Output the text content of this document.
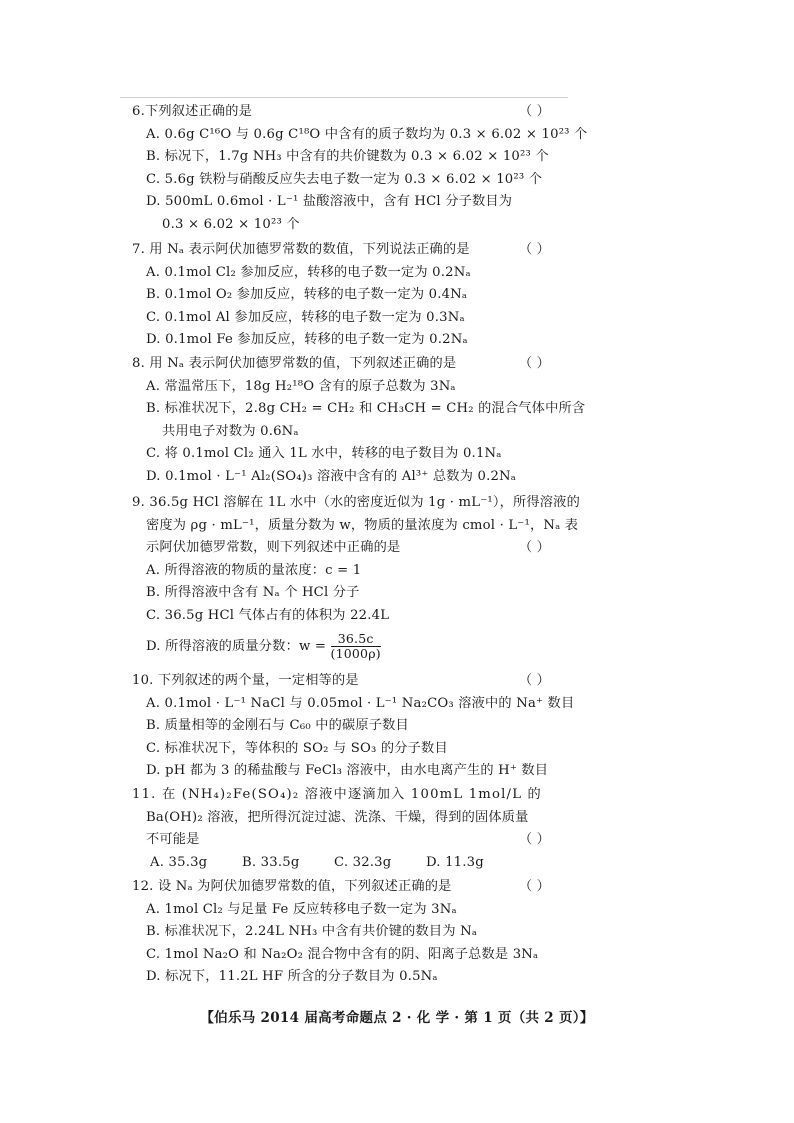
6.下列叙述正确的是	（ ）
A. 0.6g C¹⁶O 与 0.6g C¹⁸O 中含有的质子数均为 0.3 × 6.02 × 10²³ 个
B. 标况下，1.7g NH₃ 中含有的共价键数为 0.3 × 6.02 × 10²³ 个
C. 5.6g 铁粉与硝酸反应失去电子数一定为 0.3 × 6.02 × 10²³ 个
D. 500mL 0.6mol · L⁻¹ 盐酸溶液中，含有 HCl 分子数目为
0.3 × 6.02 × 10²³ 个
7. 用 Nₐ 表示阿伏加德罗常数的数值，下列说法正确的是	（ ）
A. 0.1mol Cl₂ 参加反应，转移的电子数一定为 0.2Nₐ
B. 0.1mol O₂ 参加反应，转移的电子数一定为 0.4Nₐ
C. 0.1mol Al 参加反应，转移的电子数一定为 0.3Nₐ
D. 0.1mol Fe 参加反应，转移的电子数一定为 0.2Nₐ
8. 用 Nₐ 表示阿伏加德罗常数的值，下列叙述正确的是	（ ）
A. 常温常压下，18g H₂¹⁸O 含有的原子总数为 3Nₐ
B. 标准状况下，2.8g CH₂ = CH₂ 和 CH₃CH = CH₂ 的混合气体中所含
共用电子对数为 0.6Nₐ
C. 将 0.1mol Cl₂ 通入 1L 水中，转移的电子数目为 0.1Nₐ
D. 0.1mol · L⁻¹ Al₂(SO₄)₃ 溶液中含有的 Al³⁺ 总数为 0.2Nₐ
9. 36.5g HCl 溶解在 1L 水中（水的密度近似为 1g · mL⁻¹），所得溶液的
密度为 ρg · mL⁻¹，质量分数为 w，物质的量浓度为 cmol · L⁻¹，Nₐ 表
示阿伏加德罗常数，则下列叙述中正确的是	（ ）
A. 所得溶液的物质的量浓度：c = 1
B. 所得溶液中含有 Nₐ 个 HCl 分子
C. 36.5g HCl 气体占有的体积为 22.4L
D. 所得溶液的质量分数：$w = \frac{36.5c}{(1000\rho)}$
10. 下列叙述的两个量，一定相等的是	（ ）
A. 0.1mol · L⁻¹ NaCl 与 0.05mol · L⁻¹ Na₂CO₃ 溶液中的 Na⁺ 数目
B. 质量相等的金刚石与 C₆₀ 中的碳原子数目
C. 标准状况下，等体积的 SO₂ 与 SO₃ 的分子数目
D. pH 都为 3 的稀盐酸与 FeCl₃ 溶液中，由水电离产生的 H⁺ 数目
11. 在 (NH₄)₂Fe(SO₄)₂ 溶液中逐滴加入 100mL 1mol/L 的
Ba(OH)₂ 溶液，把所得沉淀过滤、洗涤、干燥，得到的固体质量
不可能是	（ ）
A. 35.3g	B. 33.5g	C. 32.3g	D. 11.3g
12. 设 Nₐ 为阿伏加德罗常数的值，下列叙述正确的是	（ ）
A. 1mol Cl₂ 与足量 Fe 反应转移电子数一定为 3Nₐ
B. 标准状况下，2.24L NH₃ 中含有共价键的数目为 Nₐ
C. 1mol Na₂O 和 Na₂O₂ 混合物中含有的阴、阳离子总数是 3Nₐ
D. 标况下，11.2L HF 所含的分子数目为 0.5Nₐ
【伯乐马 2014 届高考命题点 2 · 化 学 · 第 1 页（共 2 页）】
